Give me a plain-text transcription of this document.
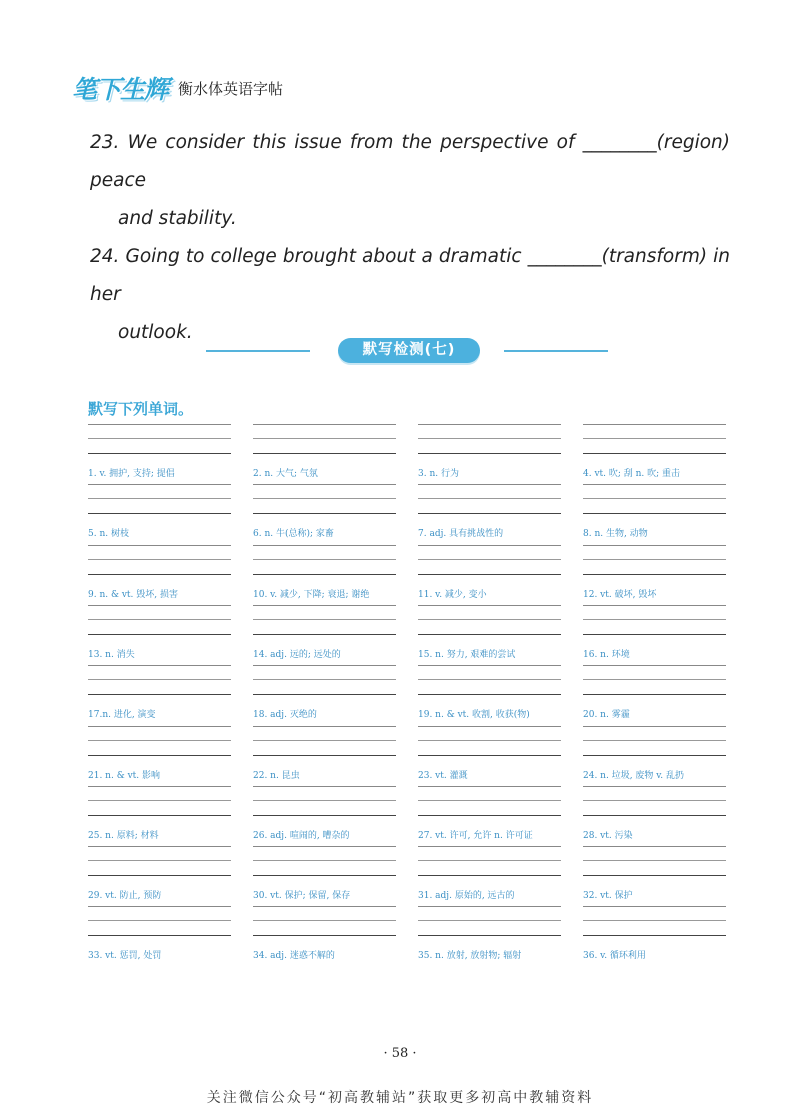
笔下生辉 衡水体英语字帖
23. We consider this issue from the perspective of ________(region) peace
and stability.
24. Going to college brought about a dramatic ________(transform) in her
outlook.
默写检测(七)
默写下列单词。
1. v. 拥护, 支持; 提倡
5. n. 树枝
9. n. & vt. 毁坏, 损害
13. n. 消失
17.n. 进化, 演变
21. n. & vt. 影响
25. n. 原料; 材料
29. vt. 防止, 预防
33. vt. 惩罚, 处罚
2. n. 大气; 气氛
6. n. 牛(总称); 家畜
10. v. 减少, 下降; 衰退; 谢绝
14. adj. 远的; 远处的
18. adj. 灭绝的
22. n. 昆虫
26. adj. 喧闹的, 嘈杂的
30. vt. 保护; 保留, 保存
34. adj. 迷惑不解的
3. n. 行为
7. adj. 具有挑战性的
11. v. 减少, 变小
15. n. 努力, 艰难的尝试
19. n. & vt. 收割, 收获(物)
23. vt. 灌溉
27. vt. 许可, 允许 n. 许可证
31. adj. 原始的, 远古的
35. n. 放射, 放射物; 辐射
4. vt. 吹; 刮 n. 吹; 重击
8. n. 生物, 动物
12. vt. 破坏, 毁坏
16. n. 环境
20. n. 雾霾
24. n. 垃圾, 废物 v. 乱扔
28. vt. 污染
32. vt. 保护
36. v. 循环利用
· 58 ·
关注微信公众号“初高教辅站”获取更多初高中教辅资料
